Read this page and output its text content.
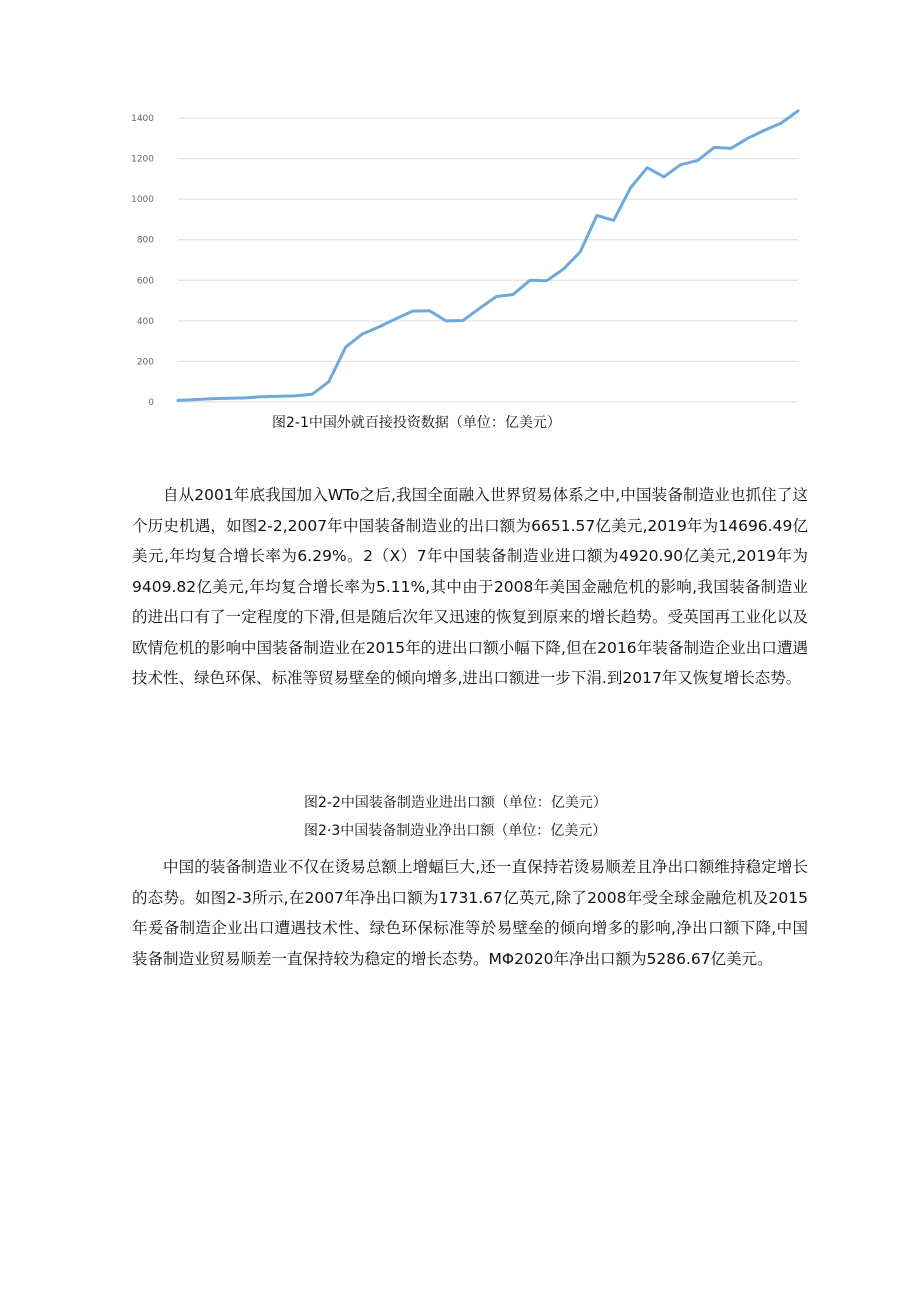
0
200
400
600
800
1000
1200
1400
图2-1中国外就百接投资数据（单位：亿美元）

自从2001年底我国加入WTo之后,我国全面融入世界贸易体系之中,中国装备制造业也抓住了这个历史机遇，如图2-2,2007年中国装备制造业的出口额为6651.57亿美元,2019年为14696.49亿美元,年均复合增长率为6.29%。2（X）7年中国装备制造业进口额为4920.90亿美元,2019年为9409.82亿美元,年均复合增长率为5.11%,其中由于2008年美国金融危机的影响,我国装备制造业的进出口有了一定程度的下滑,但是随后次年又迅速的恢复到原来的增长趋势。受英国再工业化以及欧情危机的影响中国装备制造业在2015年的进出口额小幅下降,但在2016年装备制造企业出口遭遇技术性、绿色环保、标准等贸易壁垒的倾向增多,进出口额进一步下涓.到2017年又恢复增长态势。

图2-2中国装备制造业进出口额（单位：亿美元）
图2·3中国装备制造业净出口额（单位：亿美元）

中国的装备制造业不仅在烫易总额上增蝠巨大,还一直保持若烫易顺差且净出口额维持稳定增长的态势。如图2-3所示,在2007年净出口额为1731.67亿英元,除了2008年受全球金融危机及2015年爰备制造企业出口遭遇技术性、绿色环保标准等於易壁垒的倾向增多的影响,净出口额下降,中国装备制造业贸易顺差一直保持较为稳定的增长态势。MΦ2020年净出口额为5286.67亿美元。
